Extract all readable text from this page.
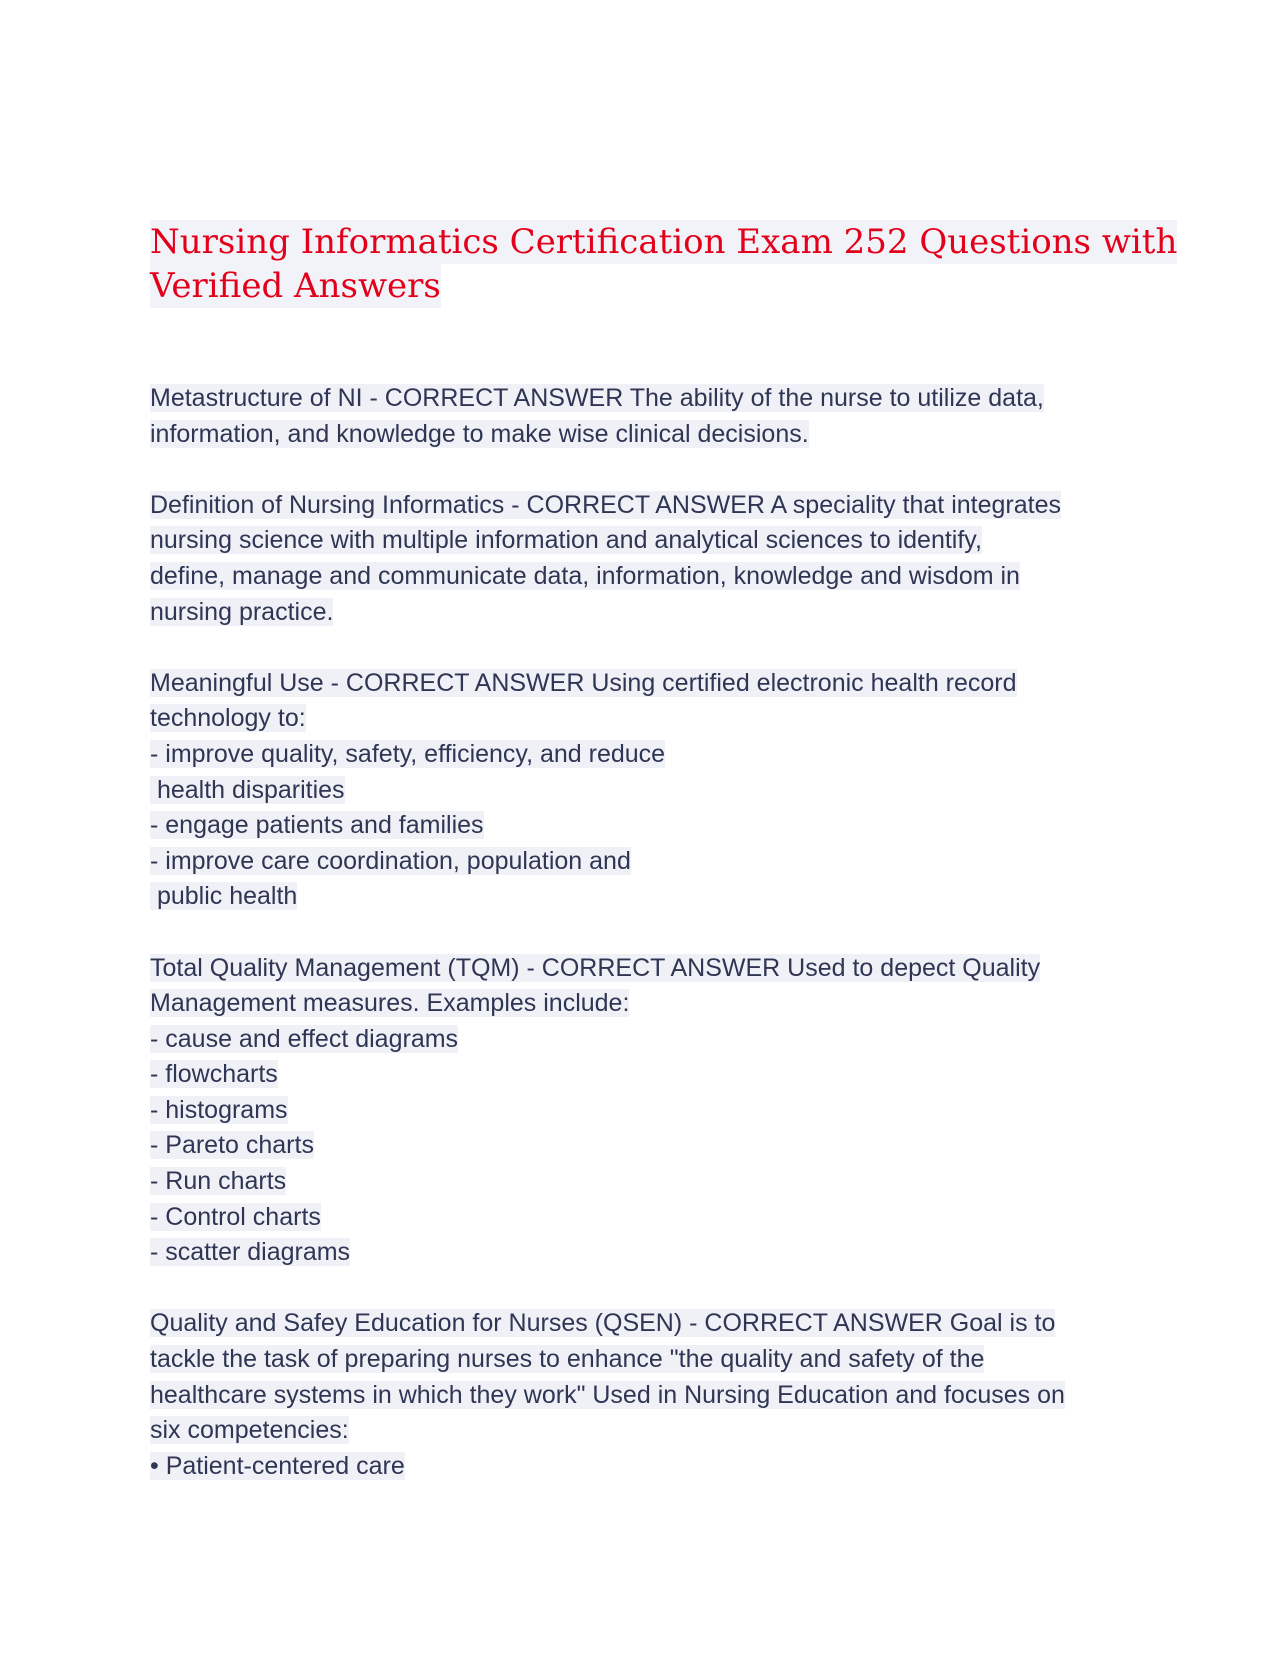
Nursing Informatics Certification Exam 252 Questions with
Verified Answers
Metastructure of NI - CORRECT ANSWER The ability of the nurse to utilize data,
information, and knowledge to make wise clinical decisions.
Definition of Nursing Informatics - CORRECT ANSWER A speciality that integrates
nursing science with multiple information and analytical sciences to identify,
define, manage and communicate data, information, knowledge and wisdom in
nursing practice.
Meaningful Use - CORRECT ANSWER Using certified electronic health record
technology to:
- improve quality, safety, efficiency, and reduce
health disparities
- engage patients and families
- improve care coordination, population and
public health
Total Quality Management (TQM) - CORRECT ANSWER Used to depect Quality
Management measures. Examples include:
- cause and effect diagrams
- flowcharts
- histograms
- Pareto charts
- Run charts
- Control charts
- scatter diagrams
Quality and Safey Education for Nurses (QSEN) - CORRECT ANSWER Goal is to
tackle the task of preparing nurses to enhance "the quality and safety of the
healthcare systems in which they work" Used in Nursing Education and focuses on
six competencies:
• Patient-centered care
